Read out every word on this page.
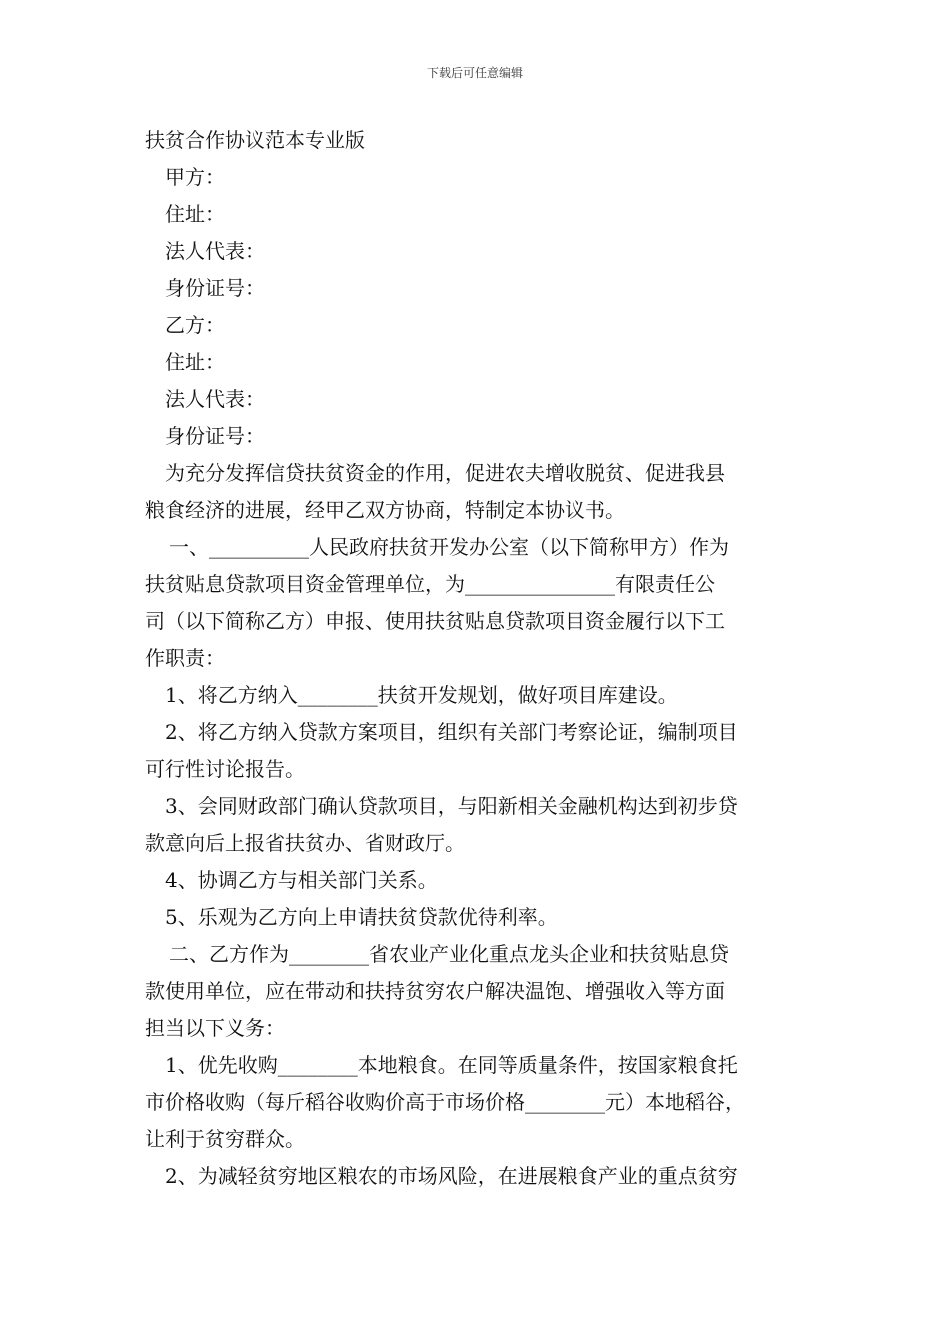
下载后可任意编辑
扶贫合作协议范本专业版
甲方：
住址：
法人代表：
身份证号：
乙方：
住址：
法人代表：
身份证号：
为充分发挥信贷扶贫资金的作用，促进农夫增收脱贫、促进我县
粮食经济的进展，经甲乙双方协商，特制定本协议书。
一、__________人民政府扶贫开发办公室（以下简称甲方）作为
扶贫贴息贷款项目资金管理单位，为_______________有限责任公
司（以下简称乙方）申报、使用扶贫贴息贷款项目资金履行以下工
作职责：
1、将乙方纳入________扶贫开发规划，做好项目库建设。
2、将乙方纳入贷款方案项目，组织有关部门考察论证，编制项目
可行性讨论报告。
3、会同财政部门确认贷款项目，与阳新相关金融机构达到初步贷
款意向后上报省扶贫办、省财政厅。
4、协调乙方与相关部门关系。
5、乐观为乙方向上申请扶贫贷款优待利率。
二、乙方作为________省农业产业化重点龙头企业和扶贫贴息贷
款使用单位，应在带动和扶持贫穷农户解决温饱、增强收入等方面
担当以下义务：
1、优先收购________本地粮食。在同等质量条件，按国家粮食托
市价格收购（每斤稻谷收购价高于市场价格________元）本地稻谷，
让利于贫穷群众。
2、为减轻贫穷地区粮农的市场风险，在进展粮食产业的重点贫穷
